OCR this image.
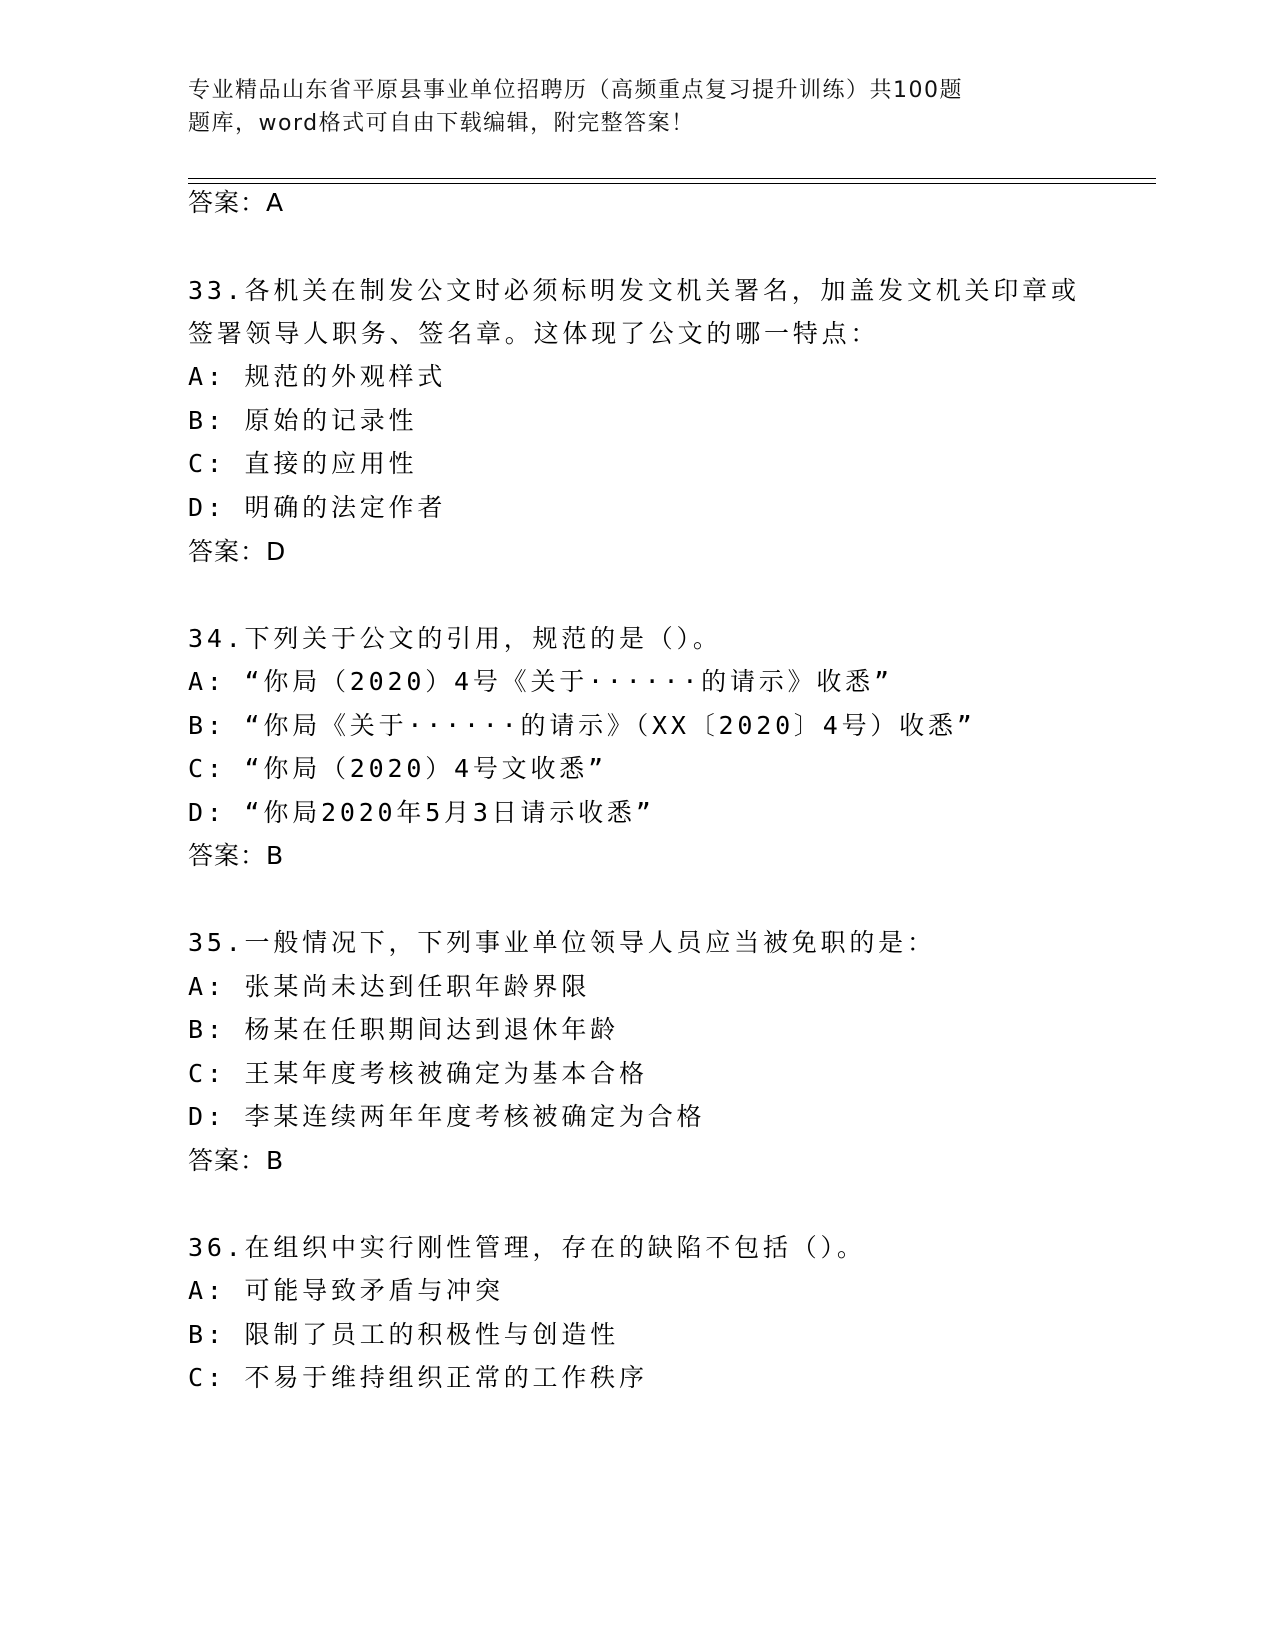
专业精品山东省平原县事业单位招聘历（高频重点复习提升训练）共100题
题库，word格式可自由下载编辑，附完整答案！
答案：A
33.各机关在制发公文时必须标明发文机关署名，加盖发文机关印章或
签署领导人职务、签名章。这体现了公文的哪一特点：
A: 规范的外观样式
B: 原始的记录性
C: 直接的应用性
D: 明确的法定作者
答案：D
34.下列关于公文的引用，规范的是（）。
A: “你局（2020）4号《关于······的请示》收悉”
B: “你局《关于······的请示》（XX〔2020〕4号）收悉”
C: “你局（2020）4号文收悉”
D: “你局2020年5月3日请示收悉”
答案：B
35.一般情况下，下列事业单位领导人员应当被免职的是：
A: 张某尚未达到任职年龄界限
B: 杨某在任职期间达到退休年龄
C: 王某年度考核被确定为基本合格
D: 李某连续两年年度考核被确定为合格
答案：B
36.在组织中实行刚性管理，存在的缺陷不包括（）。
A: 可能导致矛盾与冲突
B: 限制了员工的积极性与创造性
C: 不易于维持组织正常的工作秩序
